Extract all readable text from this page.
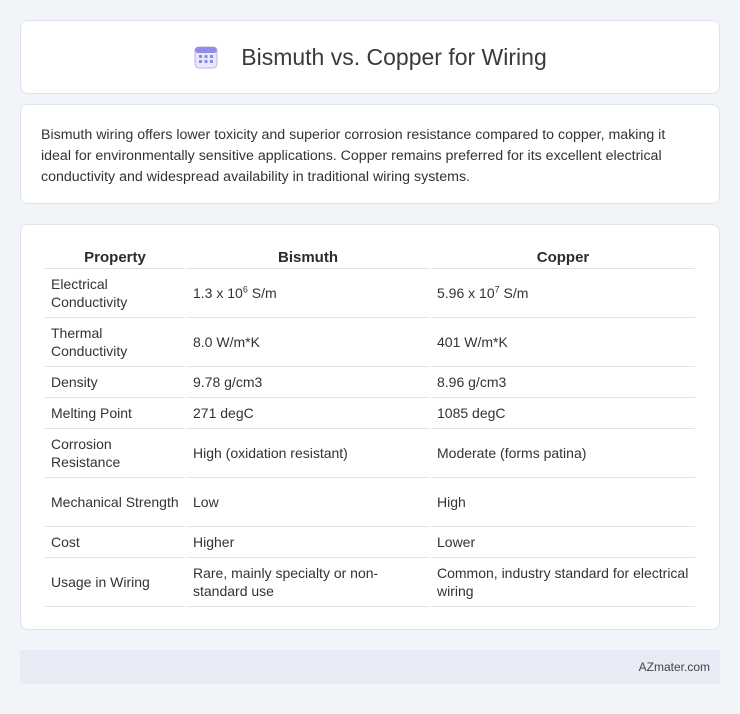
Bismuth vs. Copper for Wiring

Bismuth wiring offers lower toxicity and superior corrosion resistance compared to copper, making it ideal for environmentally sensitive applications. Copper remains preferred for its excellent electrical conductivity and widespread availability in traditional wiring systems.

Property	Bismuth	Copper
Electrical Conductivity	1.3 x $10^6$ S/m	5.96 x $10^7$ S/m
Thermal Conductivity	8.0 W/m*K	401 W/m*K
Density	9.78 g/cm3	8.96 g/cm3
Melting Point	271 degC	1085 degC
Corrosion Resistance	High (oxidation resistant)	Moderate (forms patina)
Mechanical Strength	Low	High
Cost	Higher	Lower
Usage in Wiring	Rare, mainly specialty or non-standard use	Common, industry standard for electrical wiring
AZmater.com
